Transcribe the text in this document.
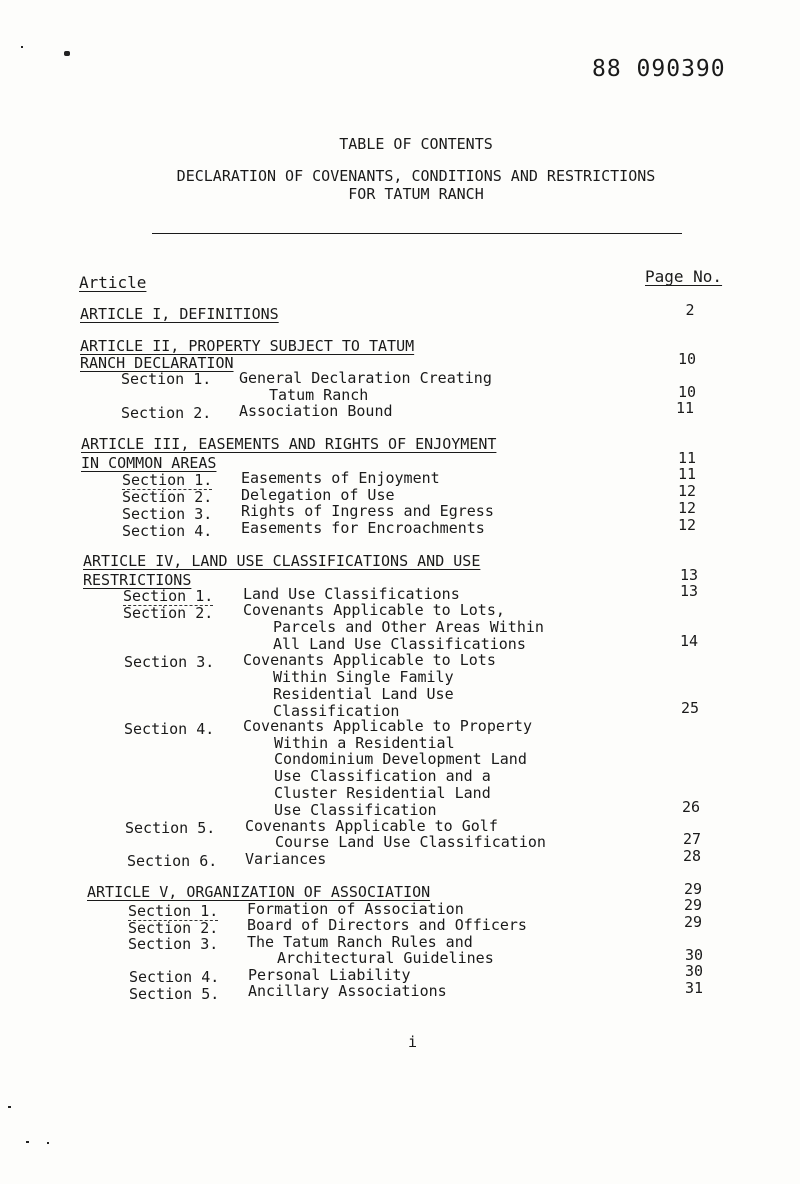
88 090390
TABLE OF CONTENTS
DECLARATION OF COVENANTS, CONDITIONS AND RESTRICTIONS
FOR TATUM RANCH
Article	Page No.
ARTICLE I, DEFINITIONS	2
ARTICLE II, PROPERTY SUBJECT TO TATUM
RANCH DECLARATION	10
Section 1. General Declaration Creating
Tatum Ranch	10
Section 2. Association Bound	11
ARTICLE III, EASEMENTS AND RIGHTS OF ENJOYMENT
IN COMMON AREAS	11
Section 1. Easements of Enjoyment	11
Section 2. Delegation of Use	12
Section 3. Rights of Ingress and Egress	12
Section 4. Easements for Encroachments	12
ARTICLE IV, LAND USE CLASSIFICATIONS AND USE
RESTRICTIONS	13
Section 1. Land Use Classifications	13
Section 2. Covenants Applicable to Lots,
Parcels and Other Areas Within
All Land Use Classifications	14
Section 3. Covenants Applicable to Lots
Within Single Family
Residential Land Use
Classification	25
Section 4. Covenants Applicable to Property
Within a Residential
Condominium Development Land
Use Classification and a
Cluster Residential Land
Use Classification	26
Section 5. Covenants Applicable to Golf
Course Land Use Classification	27
Section 6. Variances	28
ARTICLE V, ORGANIZATION OF ASSOCIATION	29
Section 1. Formation of Association	29
Section 2. Board of Directors and Officers	29
Section 3. The Tatum Ranch Rules and
Architectural Guidelines	30
Section 4. Personal Liability	30
Section 5. Ancillary Associations	31
i
